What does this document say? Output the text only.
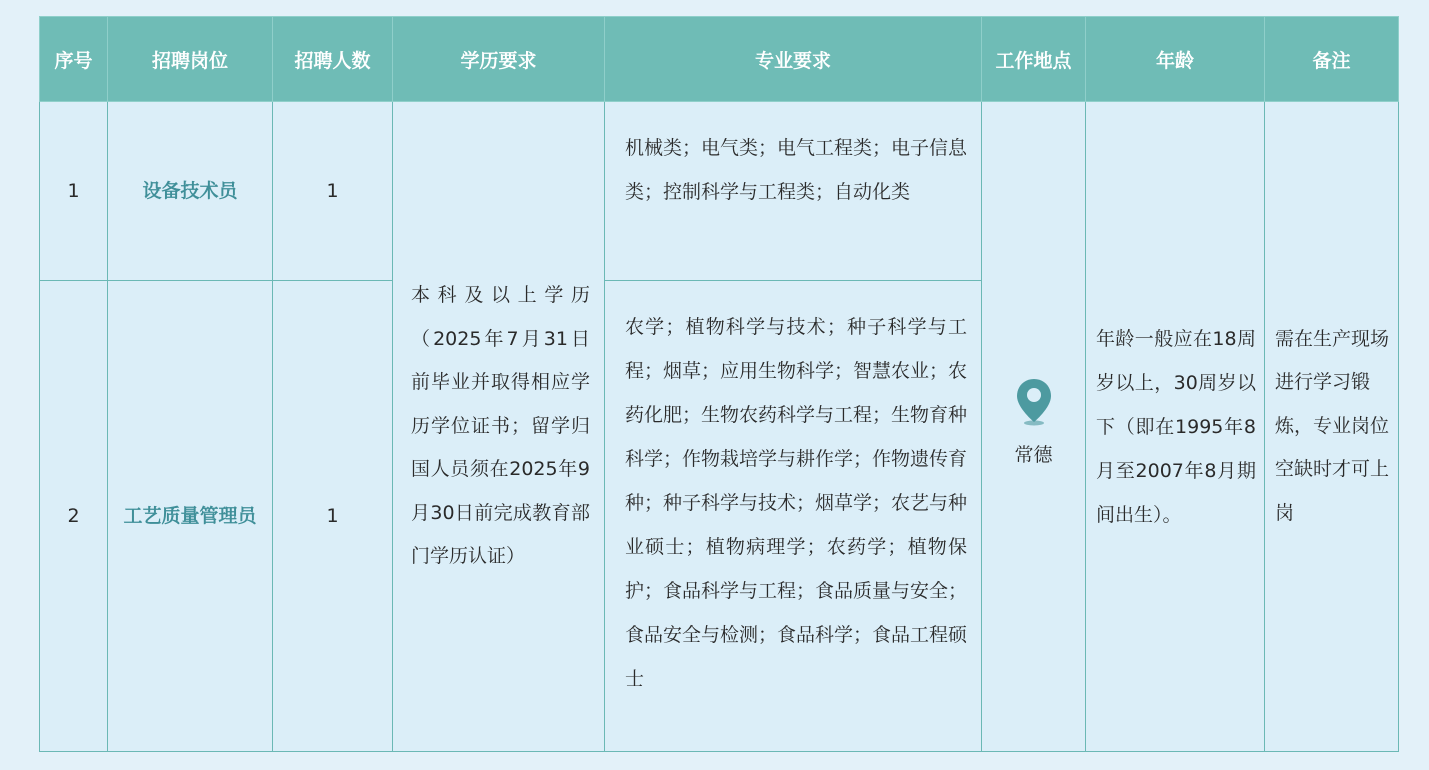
序号	招聘岗位	招聘人数	学历要求	专业要求	工作地点	年龄	备注
1	设备技术员	1	本科及以上学历（2025年7月31日前毕业并取得相应学历学位证书；留学归国人员须在2025年9月30日前完成教育部门学历认证）	机械类；电气类；电气工程类；电子信息类；控制科学与工程类；自动化类	常德	年龄一般应在18周岁以上，30周岁以下（即在1995年8月至2007年8月期间出生）。	需在生产现场进行学习锻炼，专业岗位空缺时才可上岗
2	工艺质量管理员	1		农学；植物科学与技术；种子科学与工程；烟草；应用生物科学；智慧农业；农药化肥；生物农药科学与工程；生物育种科学；作物栽培学与耕作学；作物遗传育种；种子科学与技术；烟草学；农艺与种业硕士；植物病理学；农药学；植物保护；食品科学与工程；食品质量与安全；食品安全与检测；食品科学；食品工程硕士			
